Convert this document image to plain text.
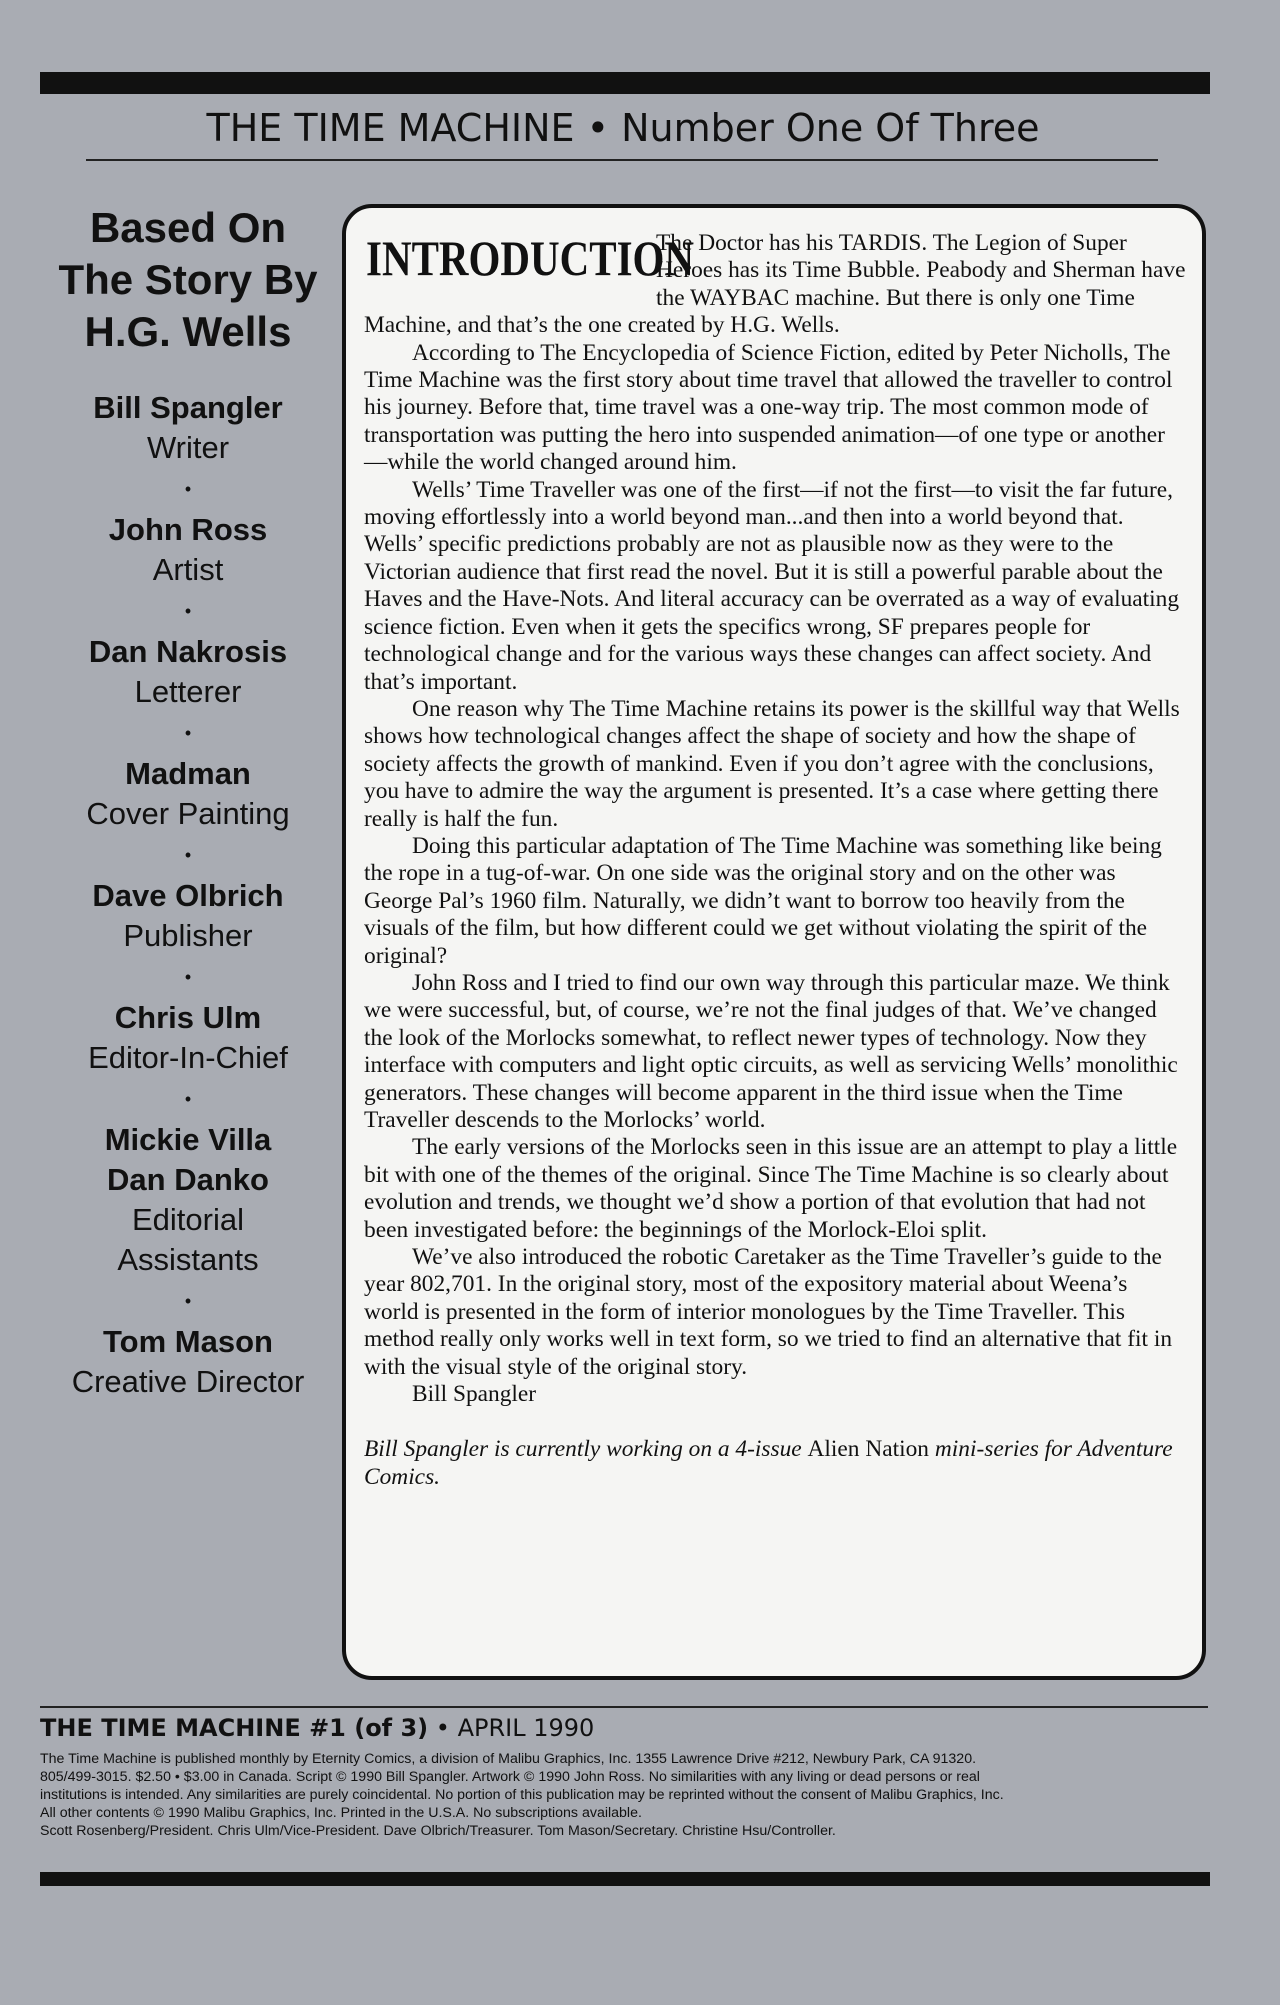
THE TIME MACHINE • Number One Of Three
Based On
The Story By
H.G. Wells
Bill Spangler
Writer
•
John Ross
Artist
•
Dan Nakrosis
Letterer
•
Madman
Cover Painting
•
Dave Olbrich
Publisher
•
Chris Ulm
Editor-In-Chief
•
Mickie Villa
Dan Danko
Editorial
Assistants
•
Tom Mason
Creative Director
INTRODUCTION

The Doctor has his TARDIS. The Legion of Super Heroes has its Time Bubble. Peabody and Sherman have the WAYBAC machine. But there is only one Time Machine, and that’s the one created by H.G. Wells.

According to The Encyclopedia of Science Fiction, edited by Peter Nicholls, The Time Machine was the first story about time travel that allowed the traveller to control his journey. Before that, time travel was a one-way trip. The most common mode of transportation was putting the hero into suspended animation—of one type or another—while the world changed around him.

Wells’ Time Traveller was one of the first—if not the first—to visit the far future, moving effortlessly into a world beyond man...and then into a world beyond that. Wells’ specific predictions probably are not as plausible now as they were to the Victorian audience that first read the novel. But it is still a powerful parable about the Haves and the Have-Nots. And literal accuracy can be overrated as a way of evaluating science fiction. Even when it gets the specifics wrong, SF prepares people for technological change and for the various ways these changes can affect society. And that’s important.

One reason why The Time Machine retains its power is the skillful way that Wells shows how technological changes affect the shape of society and how the shape of society affects the growth of mankind. Even if you don’t agree with the conclusions, you have to admire the way the argument is presented. It’s a case where getting there really is half the fun.

Doing this particular adaptation of The Time Machine was something like being the rope in a tug-of-war. On one side was the original story and on the other was George Pal’s 1960 film. Naturally, we didn’t want to borrow too heavily from the visuals of the film, but how different could we get without violating the spirit of the original?

John Ross and I tried to find our own way through this particular maze. We think we were successful, but, of course, we’re not the final judges of that. We’ve changed the look of the Morlocks somewhat, to reflect newer types of technology. Now they interface with computers and light optic circuits, as well as servicing Wells’ monolithic generators. These changes will become apparent in the third issue when the Time Traveller descends to the Morlocks’ world.

The early versions of the Morlocks seen in this issue are an attempt to play a little bit with one of the themes of the original. Since The Time Machine is so clearly about evolution and trends, we thought we’d show a portion of that evolution that had not been investigated before: the beginnings of the Morlock-Eloi split.

We’ve also introduced the robotic Caretaker as the Time Traveller’s guide to the year 802,701. In the original story, most of the expository material about Weena’s world is presented in the form of interior monologues by the Time Traveller. This method really only works well in text form, so we tried to find an alternative that fit in with the visual style of the original story.

Bill Spangler

Bill Spangler is currently working on a 4-issue Alien Nation mini-series for Adventure Comics.
THE TIME MACHINE #1 (of 3) • APRIL 1990

The Time Machine is published monthly by Eternity Comics, a division of Malibu Graphics, Inc. 1355 Lawrence Drive #212, Newbury Park, CA 91320.

805/499-3015. $2.50 • $3.00 in Canada. Script © 1990 Bill Spangler. Artwork © 1990 John Ross. No similarities with any living or dead persons or real

institutions is intended. Any similarities are purely coincidental. No portion of this publication may be reprinted without the consent of Malibu Graphics, Inc.

All other contents © 1990 Malibu Graphics, Inc. Printed in the U.S.A. No subscriptions available.

Scott Rosenberg/President. Chris Ulm/Vice-President. Dave Olbrich/Treasurer. Tom Mason/Secretary. Christine Hsu/Controller.
